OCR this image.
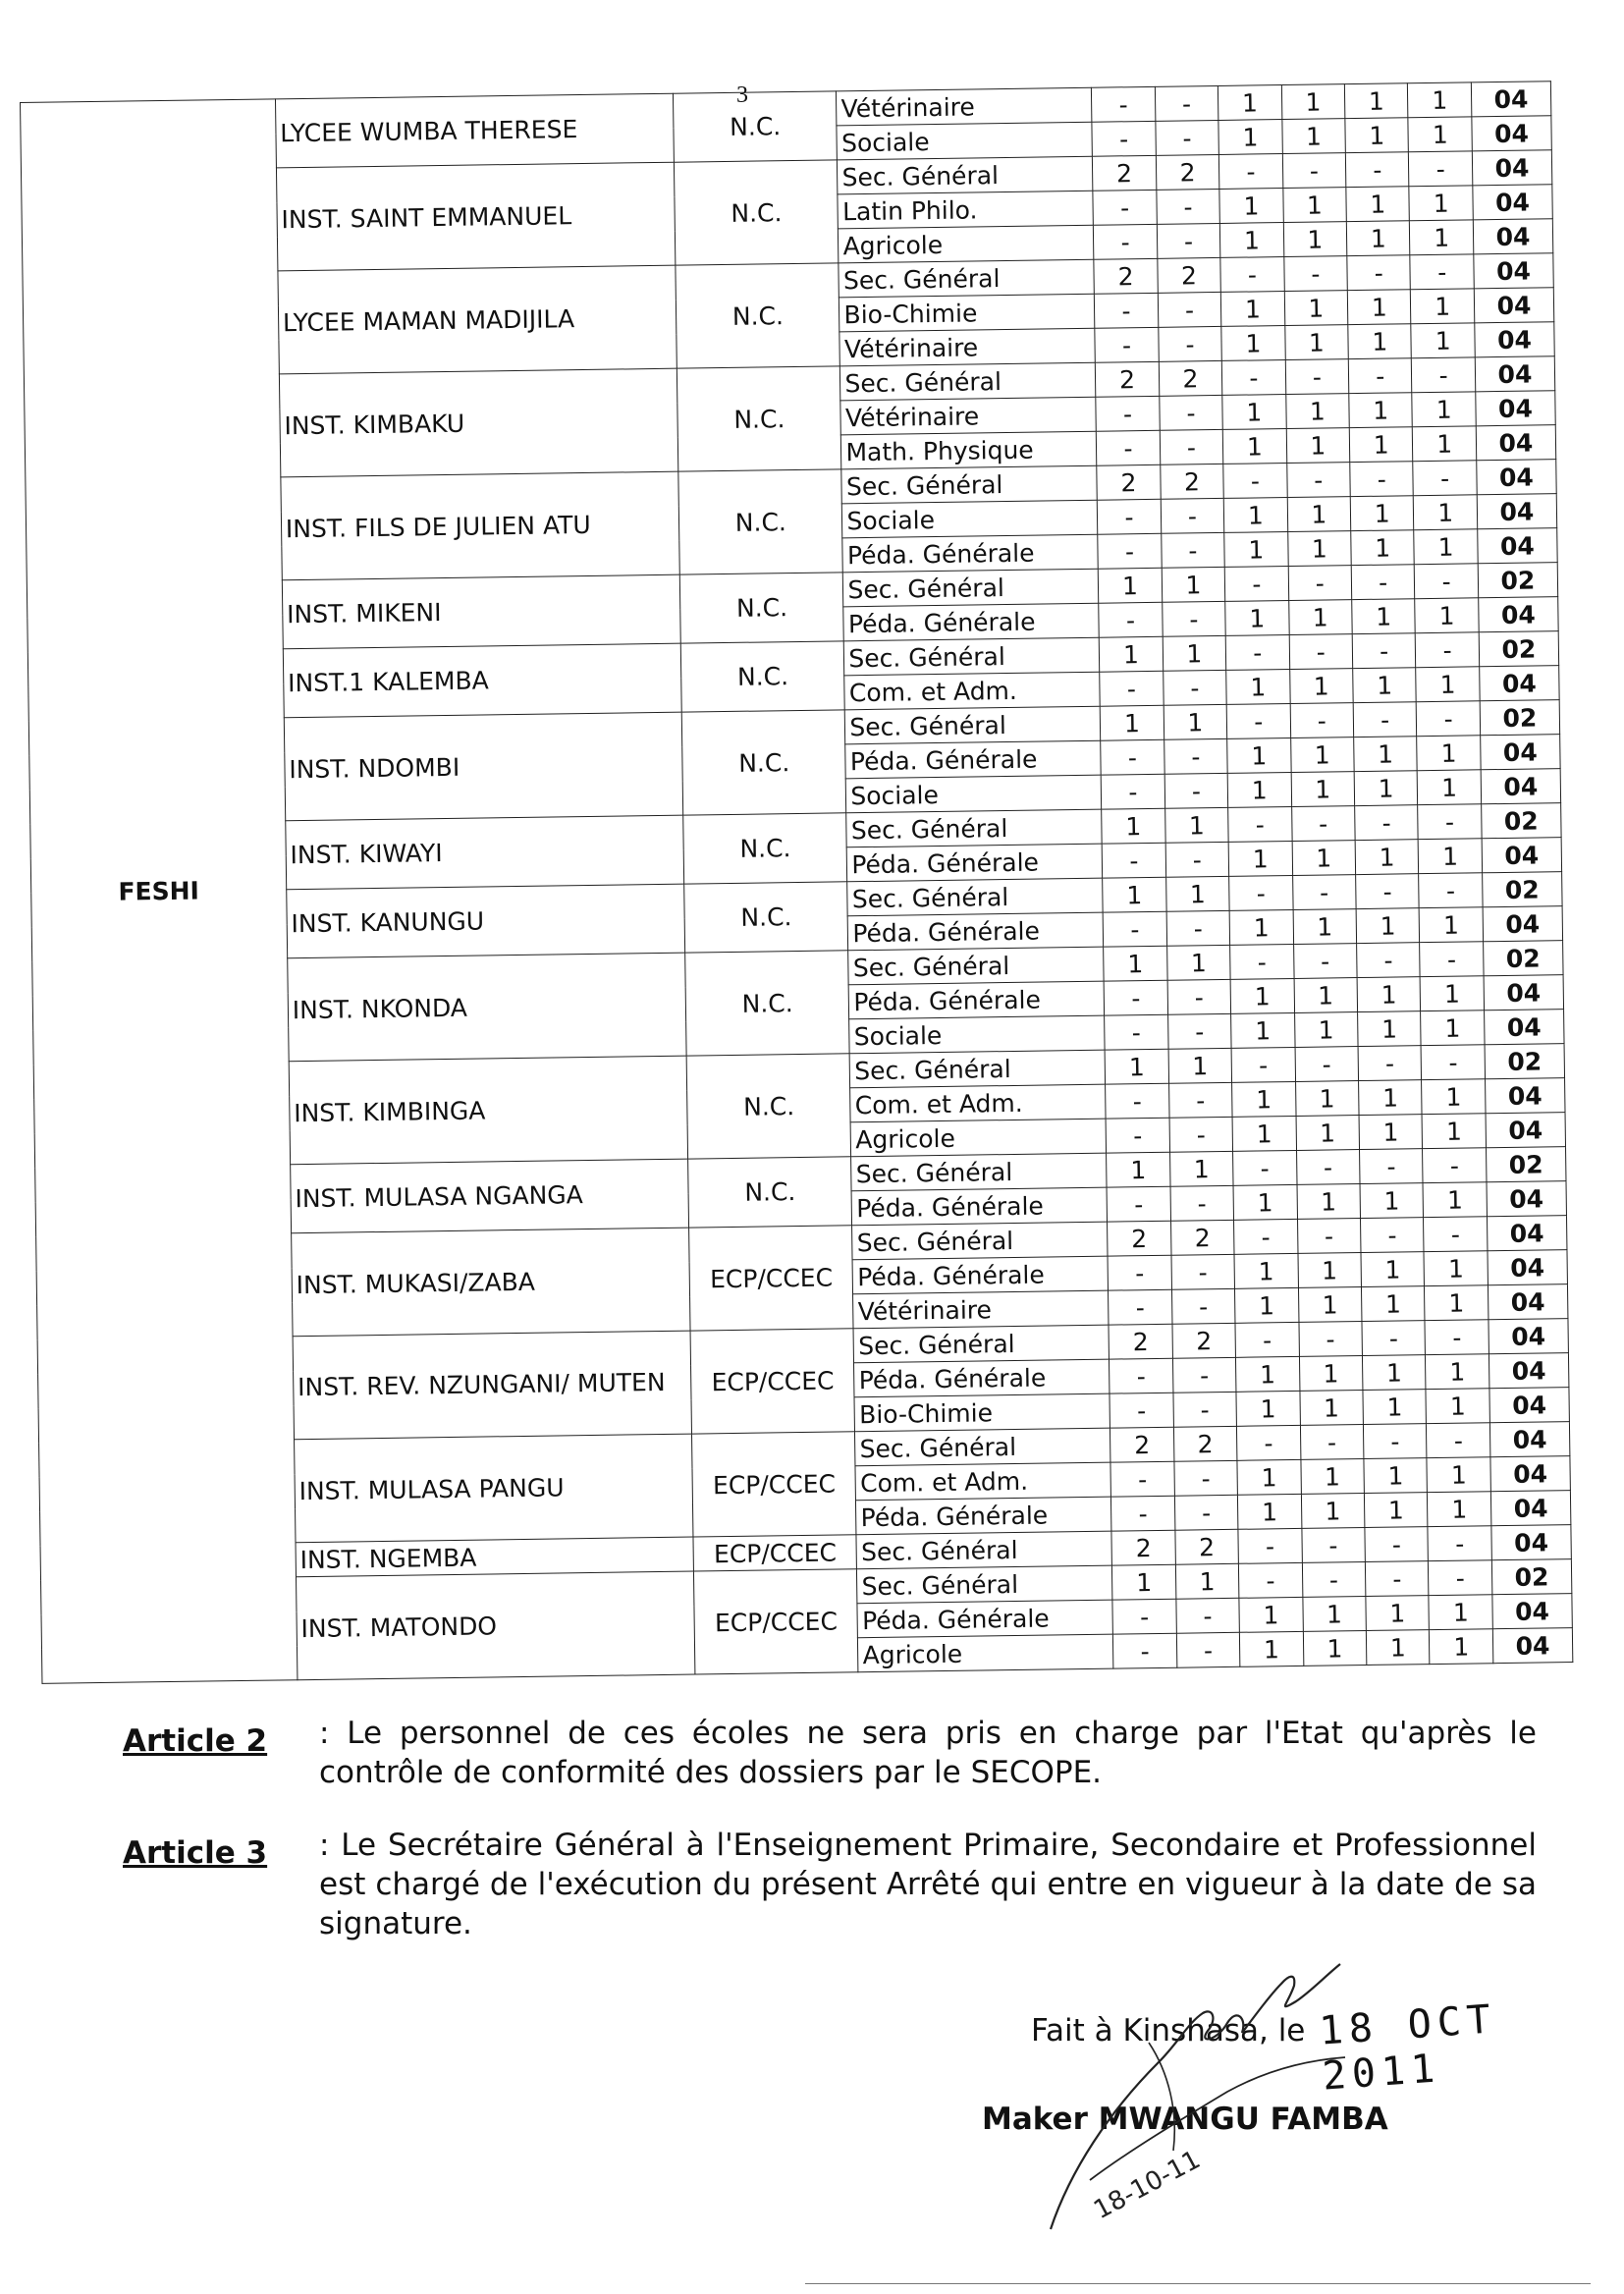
3
FESHI	LYCEE WUMBA THERESE	N.C.	Vétérinaire	-	-	1	1	1	1	04
			Sociale	-	-	1	1	1	1	04
	INST. SAINT EMMANUEL	N.C.	Sec. Général	2	2	-	-	-	-	04
			Latin Philo.	-	-	1	1	1	1	04
			Agricole	-	-	1	1	1	1	04
	LYCEE MAMAN MADIJILA	N.C.	Sec. Général	2	2	-	-	-	-	04
			Bio-Chimie	-	-	1	1	1	1	04
			Vétérinaire	-	-	1	1	1	1	04
	INST. KIMBAKU	N.C.	Sec. Général	2	2	-	-	-	-	04
			Vétérinaire	-	-	1	1	1	1	04
			Math. Physique	-	-	1	1	1	1	04
	INST. FILS DE JULIEN ATU	N.C.	Sec. Général	2	2	-	-	-	-	04
			Sociale	-	-	1	1	1	1	04
			Péda. Générale	-	-	1	1	1	1	04
	INST. MIKENI	N.C.	Sec. Général	1	1	-	-	-	-	02
			Péda. Générale	-	-	1	1	1	1	04
	INST.1 KALEMBA	N.C.	Sec. Général	1	1	-	-	-	-	02
			Com. et Adm.	-	-	1	1	1	1	04
	INST. NDOMBI	N.C.	Sec. Général	1	1	-	-	-	-	02
			Péda. Générale	-	-	1	1	1	1	04
			Sociale	-	-	1	1	1	1	04
	INST. KIWAYI	N.C.	Sec. Général	1	1	-	-	-	-	02
			Péda. Générale	-	-	1	1	1	1	04
	INST. KANUNGU	N.C.	Sec. Général	1	1	-	-	-	-	02
			Péda. Générale	-	-	1	1	1	1	04
	INST. NKONDA	N.C.	Sec. Général	1	1	-	-	-	-	02
			Péda. Générale	-	-	1	1	1	1	04
			Sociale	-	-	1	1	1	1	04
	INST. KIMBINGA	N.C.	Sec. Général	1	1	-	-	-	-	02
			Com. et Adm.	-	-	1	1	1	1	04
			Agricole	-	-	1	1	1	1	04
	INST. MULASA NGANGA	N.C.	Sec. Général	1	1	-	-	-	-	02
			Péda. Générale	-	-	1	1	1	1	04
	INST. MUKASI/ZABA	ECP/CCEC	Sec. Général	2	2	-	-	-	-	04
			Péda. Générale	-	-	1	1	1	1	04
			Vétérinaire	-	-	1	1	1	1	04
	INST. REV. NZUNGANI/ MUTEN	ECP/CCEC	Sec. Général	2	2	-	-	-	-	04
			Péda. Générale	-	-	1	1	1	1	04
			Bio-Chimie	-	-	1	1	1	1	04
	INST. MULASA PANGU	ECP/CCEC	Sec. Général	2	2	-	-	-	-	04
			Com. et Adm.	-	-	1	1	1	1	04
			Péda. Générale	-	-	1	1	1	1	04
	INST. NGEMBA	ECP/CCEC	Sec. Général	2	2	-	-	-	-	04
	INST. MATONDO	ECP/CCEC	Sec. Général	1	1	-	-	-	-	02
			Péda. Générale	-	-	1	1	1	1	04
			Agricole	-	-	1	1	1	1	04
Article 2	: Le personnel de ces écoles ne sera pris en charge par l'Etat qu'après le contrôle de conformité des dossiers par le SECOPE.
Article 3	: Le Secrétaire Général à l'Enseignement Primaire, Secondaire et Professionnel est chargé de l'exécution du présent Arrêté qui entre en vigueur à la date de sa signature.
Fait à Kinshasa, le 18 OCT 2011
Maker MWANGU FAMBA
18-10-11
